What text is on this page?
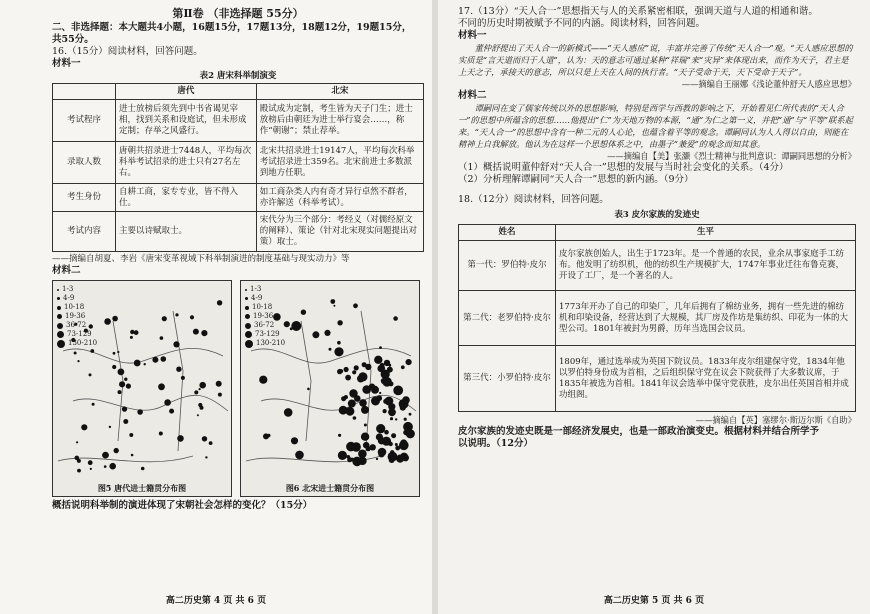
第Ⅱ卷 （非选择题 55分）
二、非选择题：本大题共4小题，16题15分，17题13分，18题12分，19题15分，
共55分。
16.（15分）阅读材料，回答问题。
材料一
表2 唐宋科举制演变
	唐代	北宋
考试程序	进士放榜后须先到中书省谒见宰相，找到关系和设庭试，但未形成定制；存举之风盛行。	殿试成为定制，考生皆为天子门生；进士放榜后由朝廷为进士举行宴会……，称作“朝谢”；禁止荐举。
录取人数	唐朝共招录进士7448人，平均每次科举考试招录的进士只有27名左右。	北宋共招录进士19147人，平均每次科举考试招录进士359名。北宋前进士多数派到地方任职。
考生身份	自耕工商，家专专业，皆不得入仕。	如工商杂类人内有奇才异行卓然不群者，亦许解送（科举考试）。
考试内容	主要以诗赋取士。	宋代分为三个部分：考经义（对儒经原文的阐释）、策论（针对北宋现实问题提出对策）取士。
——摘编自胡夏、李岩《唐宋变革视域下科举制演进的制度基础与现实动力》等
材料二
1-3
4-9
10-18
19-36
36-72
73-129
130-210
图5 唐代进士籍贯分布图
1-3
4-9
10-18
19-36
36-72
73-129
130-210
图6 北宋进士籍贯分布图
概括说明科举制的演进体现了宋朝社会怎样的变化？（15分）
高二历史第 4 页 共 6 页
17.（13分）“天人合一”思想指天与人的关系紧密相联，强调天道与人道的相通和谐。
不同的历史时期被赋予不同的内涵。阅读材料，回答问题。
材料一
董仲舒提出了天人合一的新模式——“天人感应”说，丰富并完善了传统“天人合一”观。“天人感应思想的实质是“言天道而归于人道”，认为：天的意志可通过某种“祥瑞”来“灾异”来体现出来，而作为天子，君主是上天之子，承接天的意志，所以只是上天在人间的执行者。“天子受命于天，天下受命于天子”。
——摘编自王丽娜《浅论董仲舒天人感应思想》
材料二
谭嗣同在变了儒家传统以外的思想影响，特别是西学与西教的影响之下，开始看见仁所代表的“天人合一”的思想中所蕴含的思想……他提出“仁”为天地万物的本源，“通”为仁之第一义，并把“通”与“平等”联系起来。“天人合一”的思想中含有一种二元的人心论，也蕴含着平等的观念。谭嗣同认为人人得以自由，则能在精神上自我解放。他认为在这样一个思想体系之中，由墨子“兼爱”的观念而知其意。
——摘编自【美】张灏《烈士精神与批判意识：谭嗣同思想的分析》
（1）概括说明董仲舒对“天人合一”思想的发展与当时社会变化的关系。（4分）
（2）分析理解谭嗣同“天人合一”思想的新内涵。（9分）
18.（12分）阅读材料，回答问题。
表3 皮尔家族的发迹史
姓名	生平
第一代：罗伯特·皮尔	皮尔家族创始人，出生于1723年。是一个普通的农民，业余从事家庭手工纺布。他发明了纺织机，他的纺织生产规模扩大，1747年事业迁往布鲁克赛，开设了工厂，是一个著名的人。
第二代：老罗伯特·皮尔	1773年开办了自己的印染厂，几年后拥有了棉纺业务，拥有一些先进的棉纺机和印染设备，经营达到了大规模，其厂房及作坊是集纺织、印花为一体的大型公司。1801年被封为男爵，历年当选国会议员。
第三代：小罗伯特·皮尔	1809年，通过选举成为英国下院议员。1833年皮尔组建保守党，1834年他以罗伯特身份成为首相，之后组织保守党在议会下院获得了大多数议席，于1835年被选为首相。1841年议会选举中保守党获胜，皮尔出任英国首相并成功组阁。
——摘编自【英】塞缪尔·斯迈尔斯《自助》
皮尔家族的发迹史既是一部经济发展史，也是一部政治演变史。根据材料并结合所学予
以说明。（12分）
高二历史第 5 页 共 6 页
